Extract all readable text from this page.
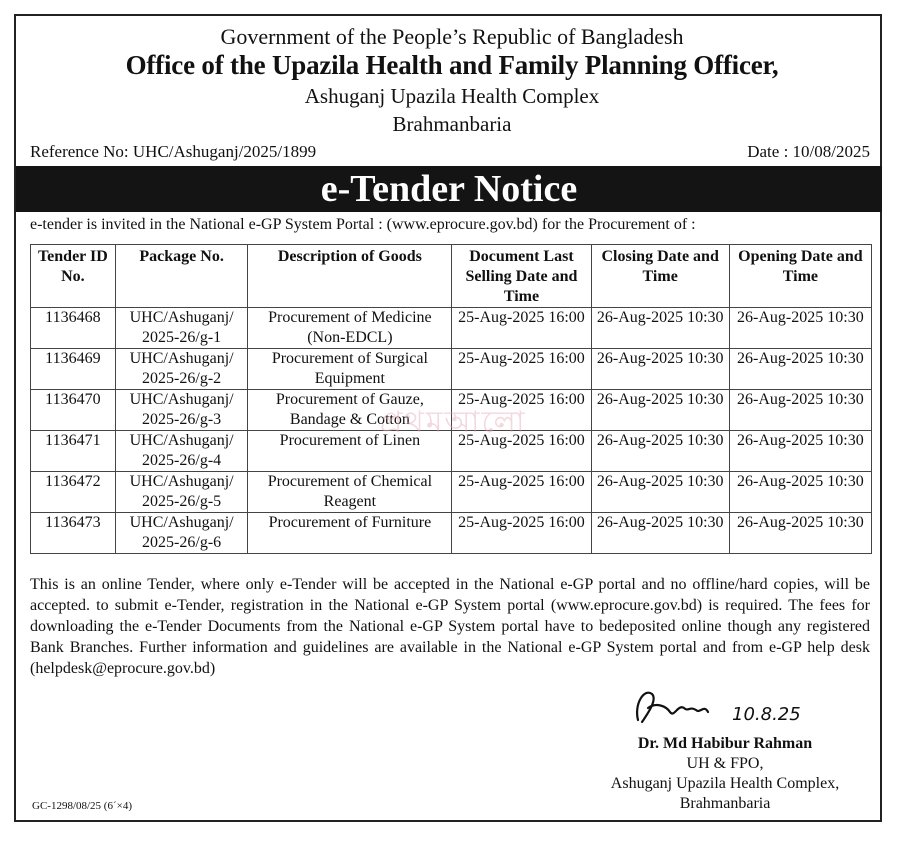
Government of the People’s Republic of Bangladesh
Office of the Upazila Health and Family Planning Officer,
Ashuganj Upazila Health Complex
Brahmanbaria
Reference No: UHC/Ashuganj/2025/1899	Date : 10/08/2025
e-Tender Notice
e-tender is invited in the National e-GP System Portal : (www.eprocure.gov.bd) for the Procurement of :
Tender ID No.	Package No.	Description of Goods	Document Last Selling Date and Time	Closing Date and Time	Opening Date and Time
1136468	UHC/Ashuganj/ 2025-26/g-1	Procurement of Medicine (Non-EDCL)	25-Aug-2025 16:00	26-Aug-2025 10:30	26-Aug-2025 10:30
1136469	UHC/Ashuganj/ 2025-26/g-2	Procurement of Surgical Equipment	25-Aug-2025 16:00	26-Aug-2025 10:30	26-Aug-2025 10:30
1136470	UHC/Ashuganj/ 2025-26/g-3	Procurement of Gauze, Bandage & Cotton	25-Aug-2025 16:00	26-Aug-2025 10:30	26-Aug-2025 10:30
1136471	UHC/Ashuganj/ 2025-26/g-4	Procurement of Linen	25-Aug-2025 16:00	26-Aug-2025 10:30	26-Aug-2025 10:30
1136472	UHC/Ashuganj/ 2025-26/g-5	Procurement of Chemical Reagent	25-Aug-2025 16:00	26-Aug-2025 10:30	26-Aug-2025 10:30
1136473	UHC/Ashuganj/ 2025-26/g-6	Procurement of Furniture	25-Aug-2025 16:00	26-Aug-2025 10:30	26-Aug-2025 10:30
প্রথমআলো
This is an online Tender, where only e-Tender will be accepted in the National e-GP portal and no offline/hard copies, will be accepted. to submit e-Tender, registration in the National e-GP System portal (www.eprocure.gov.bd) is required. The fees for downloading the e-Tender Documents from the National e-GP System portal have to bedeposited online though any registered Bank Branches. Further information and guidelines are available in the National e-GP System portal and from e-GP help desk (helpdesk@eprocure.gov.bd)
10.8.25
Dr. Md Habibur Rahman
UH & FPO,
Ashuganj Upazila Health Complex,
Brahmanbaria
GC-1298/08/25 (6´×4)
